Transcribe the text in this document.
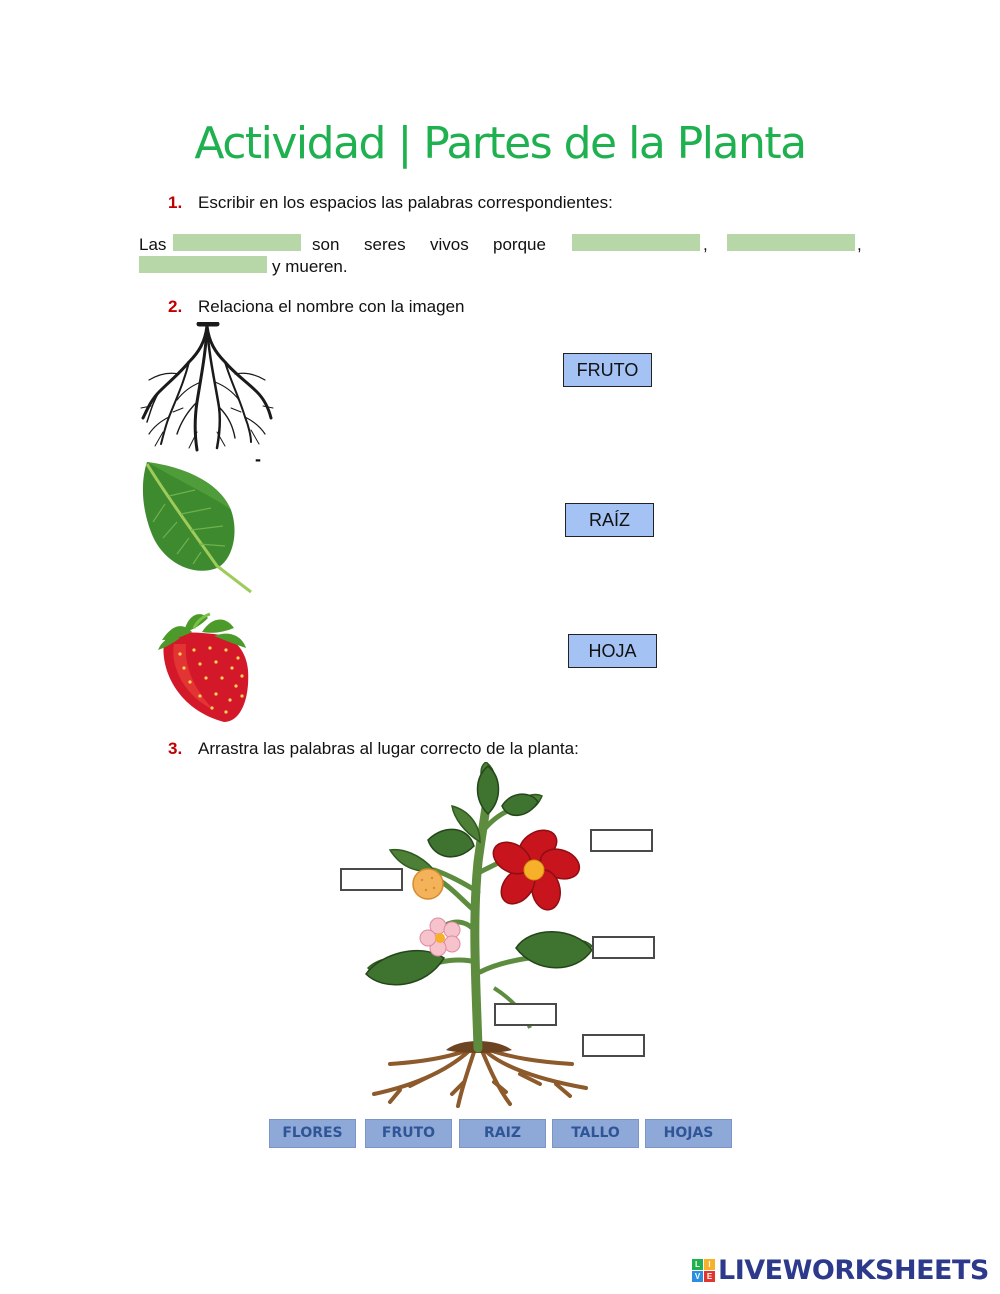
Actividad | Partes de la Planta
1. Escribir en los espacios las palabras correspondientes:
Las	son seres vivos porque	,	,
y mueren.
2. Relaciona el nombre con la imagen
-
FRUTO
RAÍZ
HOJA
3. Arrastra las palabras al lugar correcto de la planta:
FLORES	FRUTO	RAIZ	TALLO	HOJAS
L	I
V E LIVEWORKSHEETS
